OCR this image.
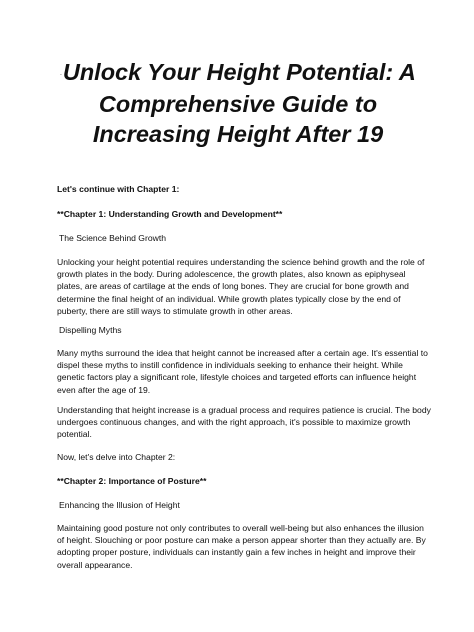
.Unlock Your Height Potential: A
Comprehensive Guide to
Increasing Height After 19

Let's continue with Chapter 1:

**Chapter 1: Understanding Growth and Development**

The Science Behind Growth

Unlocking your height potential requires understanding the science behind growth and the role of growth plates in the body. During adolescence, the growth plates, also known as epiphyseal plates, are areas of cartilage at the ends of long bones. They are crucial for bone growth and determine the final height of an individual. While growth plates typically close by the end of puberty, there are still ways to stimulate growth in other areas.

Dispelling Myths

Many myths surround the idea that height cannot be increased after a certain age. It's essential to dispel these myths to instill confidence in individuals seeking to enhance their height. While genetic factors play a significant role, lifestyle choices and targeted efforts can influence height even after the age of 19.

Understanding that height increase is a gradual process and requires patience is crucial. The body undergoes continuous changes, and with the right approach, it's possible to maximize growth potential.

Now, let's delve into Chapter 2:

**Chapter 2: Importance of Posture**

Enhancing the Illusion of Height

Maintaining good posture not only contributes to overall well-being but also enhances the illusion of height. Slouching or poor posture can make a person appear shorter than they actually are. By adopting proper posture, individuals can instantly gain a few inches in height and improve their overall appearance.
